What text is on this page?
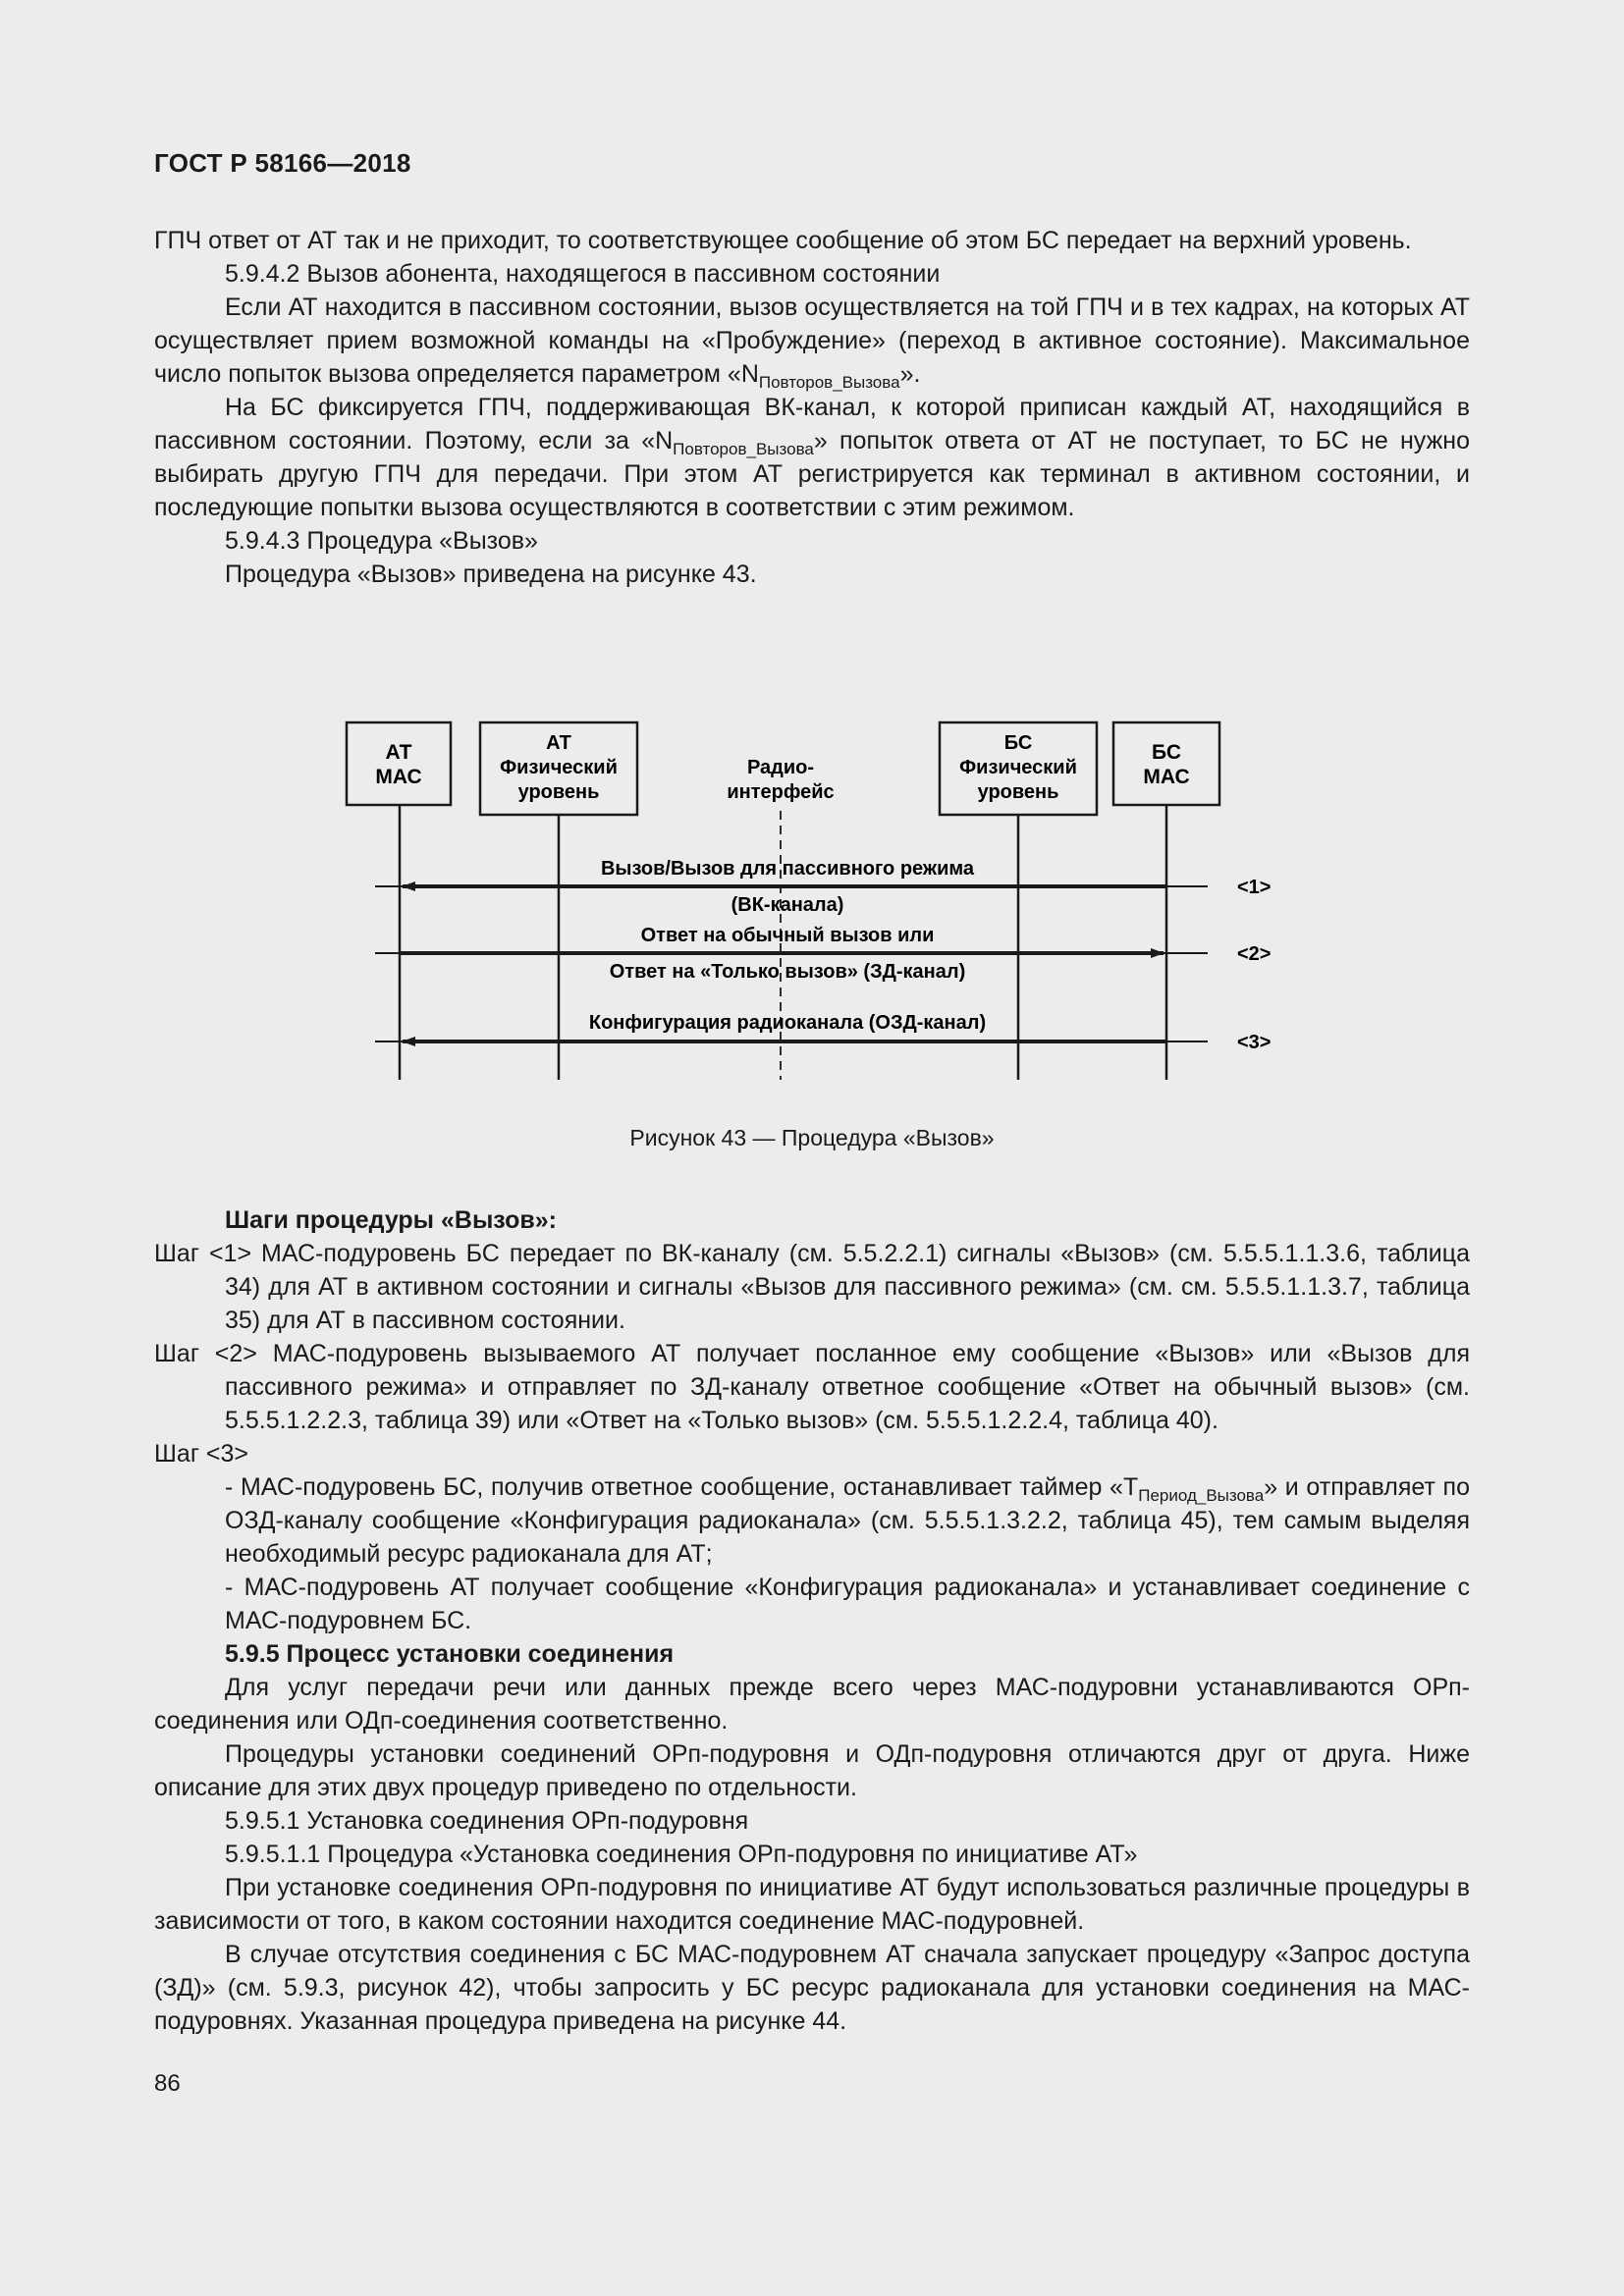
ГОСТ Р 58166—2018

ГПЧ ответ от АТ так и не приходит, то соответствующее сообщение об этом БС передает на верхний уровень.

5.9.4.2 Вызов абонента, находящегося в пассивном состоянии

Если АТ находится в пассивном состоянии, вызов осуществляется на той ГПЧ и в тех кадрах, на которых АТ осуществляет прием возможной команды на «Пробуждение» (переход в активное состояние). Максимальное число попыток вызова определяется параметром «$N_{Повторов\_Вызова}$».

На БС фиксируется ГПЧ, поддерживающая ВК-канал, к которой приписан каждый АТ, находящийся в пассивном состоянии. Поэтому, если за «$N_{Повторов\_Вызова}$» попыток ответа от АТ не поступает, то БС не нужно выбирать другую ГПЧ для передачи. При этом АТ регистрируется как терминал в активном состоянии, и последующие попытки вызова осуществляются в соответствии с этим режимом.

5.9.4.3 Процедура «Вызов»

Процедура «Вызов» приведена на рисунке 43.

АТ
МАС
АТ
Физический
уровень
Радио-
интерфейс
БС
Физический
уровень
БС
МАС
Вызов/Вызов для пассивного режима
(ВК-канала)
<1>
Ответ на обычный вызов или
Ответ на «Только вызов» (ЗД-канал)
<2>
Конфигурация радиоканала (ОЗД-канал)
<3>
Рисунок 43 — Процедура «Вызов»

Шаги процедуры «Вызов»:

Шаг <1> МАС-подуровень БС передает по ВК-каналу (см. 5.5.2.2.1) сигналы «Вызов» (см. 5.5.5.1.1.3.6, таблица 34) для АТ в активном состоянии и сигналы «Вызов для пассивного режима» (см. см. 5.5.5.1.1.3.7, таблица 35) для АТ в пассивном состоянии.

Шаг <2> МАС-подуровень вызываемого АТ получает посланное ему сообщение «Вызов» или «Вызов для пассивного режима» и отправляет по ЗД-каналу ответное сообщение «Ответ на обычный вызов» (см. 5.5.5.1.2.2.3, таблица 39) или «Ответ на «Только вызов» (см. 5.5.5.1.2.2.4, таблица 40).

Шаг <3>

- МАС-подуровень БС, получив ответное сообщение, останавливает таймер «$Т_{Период\_Вызова}$» и отправляет по ОЗД-каналу сообщение «Конфигурация радиоканала» (см. 5.5.5.1.3.2.2, таблица 45), тем самым выделяя необходимый ресурс радиоканала для АТ;

- МАС-подуровень АТ получает сообщение «Конфигурация радиоканала» и устанавливает соединение с МАС-подуровнем БС.

5.9.5 Процесс установки соединения

Для услуг передачи речи или данных прежде всего через МАС-подуровни устанавливаются ОРп-соединения или ОДп-соединения соответственно.

Процедуры установки соединений ОРп-подуровня и ОДп-подуровня отличаются друг от друга. Ниже описание для этих двух процедур приведено по отдельности.

5.9.5.1 Установка соединения ОРп-подуровня

5.9.5.1.1 Процедура «Установка соединения ОРп-подуровня по инициативе АТ»

При установке соединения ОРп-подуровня по инициативе АТ будут использоваться различные процедуры в зависимости от того, в каком состоянии находится соединение МАС-подуровней.

В случае отсутствия соединения с БС МАС-подуровнем АТ сначала запускает процедуру «Запрос доступа (ЗД)» (см. 5.9.3, рисунок 42), чтобы запросить у БС ресурс радиоканала для установки соединения на МАС-подуровнях. Указанная процедура приведена на рисунке 44.

86
